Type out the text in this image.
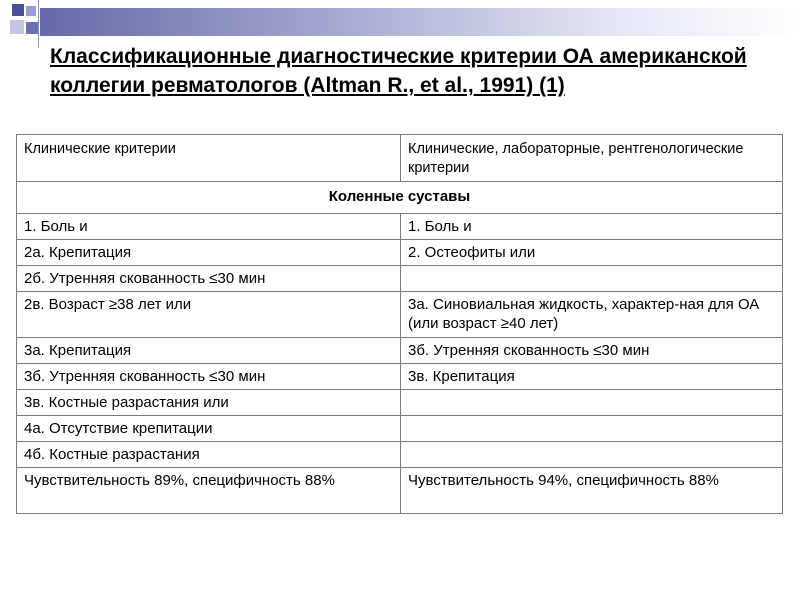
Классификационные диагностические критерии ОА американской коллегии ревматологов (Altman R., et al., 1991) (1)
Клинические критерии	Клинические, лабораторные, рентгенологические критерии
Коленные суставы	
1. Боль и	1. Боль и
2а. Крепитация	2. Остеофиты или
2б. Утренняя скованность ≤30 мин	
2в. Возраст ≥38 лет или	3а. Синовиальная жидкость, характер-ная для ОА (или возраст ≥40 лет)
3а. Крепитация	3б. Утренняя скованность ≤30 мин
3б. Утренняя скованность ≤30 мин	3в. Крепитация
3в. Костные разрастания или	
4а. Отсутствие крепитации	
4б. Костные разрастания	
Чувствительность 89%, специфичность 88%	Чувствительность 94%, специфичность 88%
